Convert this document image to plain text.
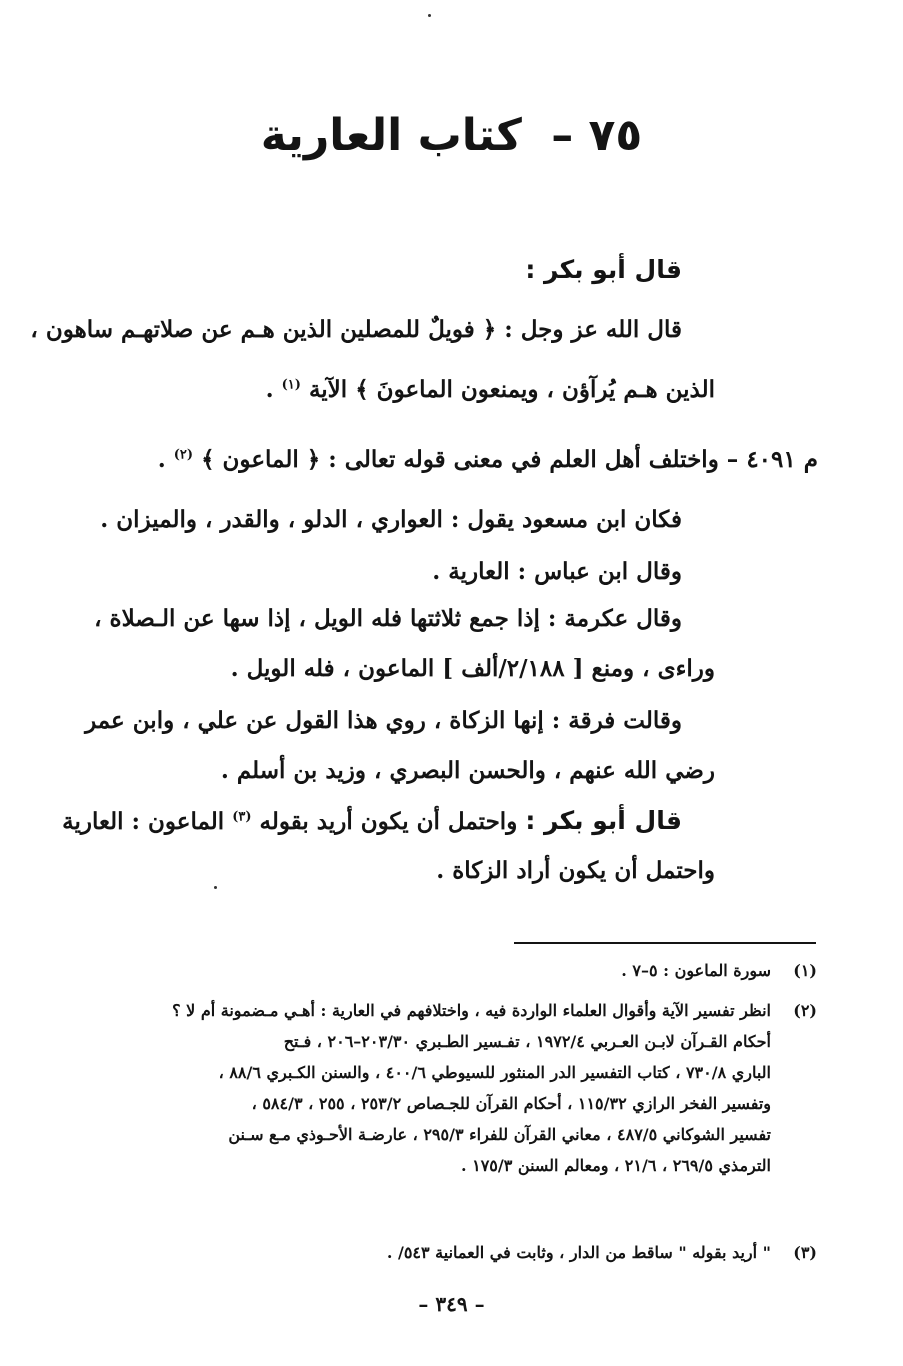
٧٥ – كتاب العارية
قال أبو بكر :
قال الله عز وجل : ﴿ فويلٌ للمصلين الذين هـم عن صلاتهـم ساهون ،
الذين هـم يُرآؤن ، ويمنعون الماعونَ ﴾ الآية $^{(١)}$ .
م ٤٠٩١ – واختلف أهل العلم في معنى قوله تعالى : ﴿ الماعون ﴾ $^{(٢)}$ .
فكان ابن مسعود يقول : العواري ، الدلو ، والقدر ، والميزان .
وقال ابن عباس : العارية .
وقال عكرمة : إذا جمع ثلاثتها فله الويل ، إذا سها عن الـصلاة ،
وراءى ، ومنع [ ٢/١٨٨/ألف ] الماعون ، فله الويل .
وقالت فرقة : إنها الزكاة ، روي هذا القول عن علي ، وابن عمر
رضي الله عنهم ، والحسن البصري ، وزيد بن أسلم .
قال أبو بكر : واحتمل أن يكون أريد بقوله $^{(٣)}$ الماعون : العارية
واحتمل أن يكون أراد الزكاة .
(١)
سورة الماعون : ٥–٧ .
(٢)
انظر تفسير الآية وأقوال العلماء الواردة فيه ، واختلافهم في العارية : أهـي مـضمونة أم لا ؟
أحكام القـرآن لابـن العـربي ١٩٧٢/٤ ، تفـسير الطـبري ٢٠٣/٣٠–٢٠٦ ، فـتح
الباري ٧٣٠/٨ ، كتاب التفسير الدر المنثور للسيوطي ٤٠٠/٦ ، والسنن الكـبري ٨٨/٦ ،
وتفسير الفخر الرازي ١١٥/٣٢ ، أحكام القرآن للجـصاص ٢٥٣/٢ ، ٢٥٥ ، ٥٨٤/٣ ،
تفسير الشوكاني ٤٨٧/٥ ، معاني القرآن للفراء ٢٩٥/٣ ، عارضـة الأحـوذي مـع سـنن
الترمذي ٢٦٩/٥ ، ٢١/٦ ، ومعالم السنن ١٧٥/٣ .
(٣)
" أريد بقوله " ساقط من الدار ، وثابت في العمانية ٥٤٣/ .
– ٣٤٩ –
